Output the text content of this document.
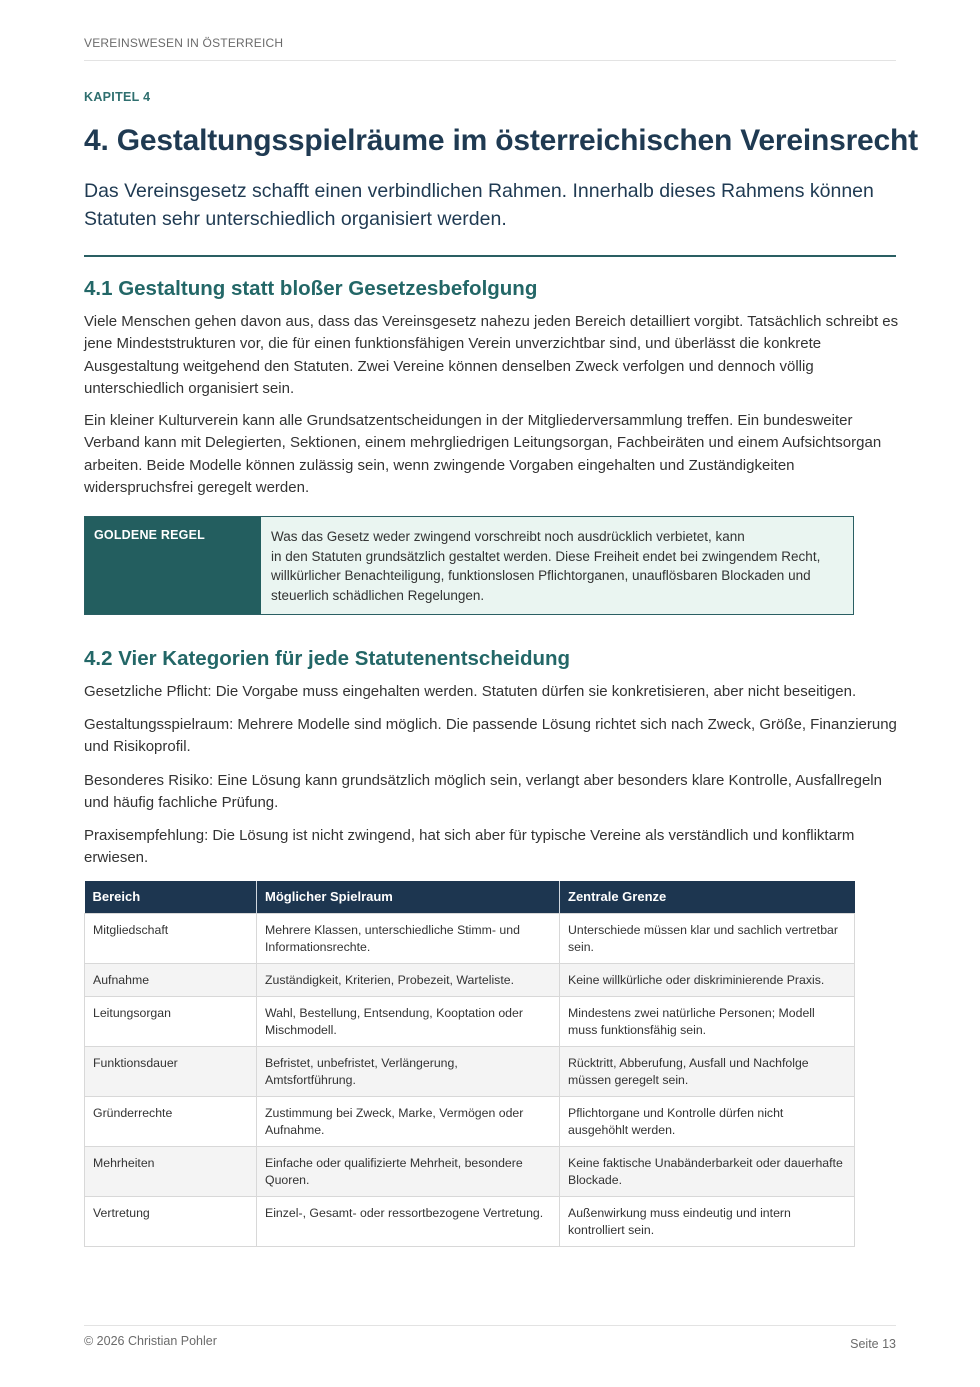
VEREINSWESEN IN ÖSTERREICH
KAPITEL 4
4. Gestaltungsspielräume im österreichischen Vereinsrecht

Das Vereinsgesetz schafft einen verbindlichen Rahmen. Innerhalb dieses Rahmens können Statuten sehr unterschiedlich organisiert werden.

4.1 Gestaltung statt bloßer Gesetzesbefolgung

Viele Menschen gehen davon aus, dass das Vereinsgesetz nahezu jeden Bereich detailliert vorgibt. Tatsächlich schreibt es jene Mindeststrukturen vor, die für einen funktionsfähigen Verein unverzichtbar sind, und überlässt die konkrete Ausgestaltung weitgehend den Statuten. Zwei Vereine können denselben Zweck verfolgen und dennoch völlig unterschiedlich organisiert sein.

Ein kleiner Kulturverein kann alle Grundsatzentscheidungen in der Mitgliederversammlung treffen. Ein bundesweiter Verband kann mit Delegierten, Sektionen, einem mehrgliedrigen Leitungsorgan, Fachbeiräten und einem Aufsichtsorgan arbeiten. Beide Modelle können zulässig sein, wenn zwingende Vorgaben eingehalten und Zuständigkeiten widerspruchsfrei geregelt werden.

GOLDENE REGEL	Was das Gesetz weder zwingend vorschreibt noch ausdrücklich verbietet, kann
in den Statuten grundsätzlich gestaltet werden. Diese Freiheit endet bei zwingendem Recht, willkürlicher Benachteiligung, funktionslosen Pflichtorganen, unauflösbaren Blockaden und steuerlich schädlichen Regelungen.
4.2 Vier Kategorien für jede Statutenentscheidung

Gesetzliche Pflicht: Die Vorgabe muss eingehalten werden. Statuten dürfen sie konkretisieren, aber nicht beseitigen.

Gestaltungsspielraum: Mehrere Modelle sind möglich. Die passende Lösung richtet sich nach Zweck, Größe, Finanzierung und Risikoprofil.

Besonderes Risiko: Eine Lösung kann grundsätzlich möglich sein, verlangt aber besonders klare Kontrolle, Ausfallregeln und häufig fachliche Prüfung.

Praxisempfehlung: Die Lösung ist nicht zwingend, hat sich aber für typische Vereine als verständlich und konfliktarm erwiesen.

Bereich	Möglicher Spielraum	Zentrale Grenze
Mitgliedschaft	Mehrere Klassen, unterschiedliche Stimm- und Informationsrechte.	Unterschiede müssen klar und sachlich vertretbar sein.
Aufnahme	Zuständigkeit, Kriterien, Probezeit, Warteliste.	Keine willkürliche oder diskriminierende Praxis.
Leitungsorgan	Wahl, Bestellung, Entsendung, Kooptation oder Mischmodell.	Mindestens zwei natürliche Personen; Modell muss funktionsfähig sein.
Funktionsdauer	Befristet, unbefristet, Verlängerung, Amtsfortführung.	Rücktritt, Abberufung, Ausfall und Nachfolge müssen geregelt sein.
Gründerrechte	Zustimmung bei Zweck, Marke, Vermögen oder Aufnahme.	Pflichtorgane und Kontrolle dürfen nicht ausgehöhlt werden.
Mehrheiten	Einfache oder qualifizierte Mehrheit, besondere Quoren.	Keine faktische Unabänderbarkeit oder dauerhafte Blockade.
Vertretung	Einzel-, Gesamt- oder ressortbezogene Vertretung.	Außenwirkung muss eindeutig und intern kontrolliert sein.
© 2026 Christian Pohler	Seite 13
